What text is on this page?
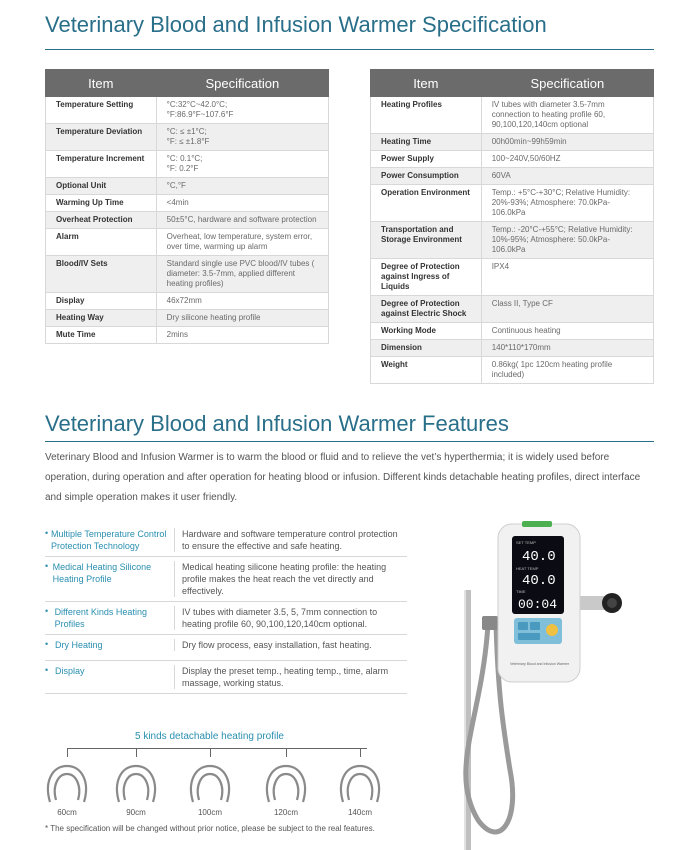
Veterinary Blood and Infusion Warmer Specification
Item	Specification
Temperature Setting	°C:32°C~42.0°C;
°F:86.9°F~107.6°F
Temperature Deviation	°C: ≤ ±1°C;
°F: ≤ ±1.8°F
Temperature Increment	°C: 0.1°C;
°F: 0.2°F
Optional Unit	°C,°F
Warming Up Time	<4min
Overheat Protection	50±5°C, hardware and software protection
Alarm	Overheat, low temperature, system error, over time, warming up alarm
Blood/IV Sets	Standard single use PVC blood/IV tubes ( diameter: 3.5-7mm, applied different heating profiles)
Display	46x72mm
Heating Way	Dry silicone heating profile
Mute Time	2mins
Item	Specification
Heating Profiles	IV tubes with diameter 3.5-7mm connection to heating profile 60, 90,100,120,140cm optional
Heating Time	00h00min~99h59min
Power Supply	100~240V,50/60HZ
Power Consumption	60VA
Operation Environment	Temp.: +5°C-+30°C; Relative Humidity: 20%-93%; Atmosphere: 70.0kPa-106.0kPa
Transportation and Storage Environment	Temp.: -20°C-+55°C; Relative Humidity: 10%-95%; Atmosphere: 50.0kPa-106.0kPa
Degree of Protection against Ingress of Liquids	IPX4
Degree of Protection against Electric Shock	Class II, Type CF
Working Mode	Continuous heating
Dimension	140*110*170mm
Weight	0.86kg( 1pc 120cm heating profile included)
Veterinary Blood and Infusion Warmer Features
Veterinary Blood and Infusion Warmer is to warm the blood or fluid and to relieve the vet’s hyperthermia; it is widely used before operation, during operation and after operation for heating blood or infusion. Different kinds detachable heating profiles, direct interface and simple operation makes it user friendly.
• Multiple Temperature Control Protection Technology
Hardware and software temperature control protection to ensure the effective and safe heating.
• Medical Heating Silicone Heating Profile
Medical heating silicone heating profile: the heating profile makes the heat reach the vet directly and effectively.
• Different Kinds Heating Profiles
IV tubes with diameter 3.5, 5, 7mm connection to heating profile 60, 90,100,120,140cm optional.
• Dry Heating	Dry flow process, easy installation, fast heating.
• Display	Display the preset temp., heating temp., time, alarm massage, working status.
5 kinds detachable heating profile
60cm	90cm	100cm	120cm	140cm
* The specification will be changed without prior notice, please be subject to the real features.
SET TEMP
40.0
HEAT TEMP
40.0
TIME
00:04
Veterinary Blood and Infusion Warmer
